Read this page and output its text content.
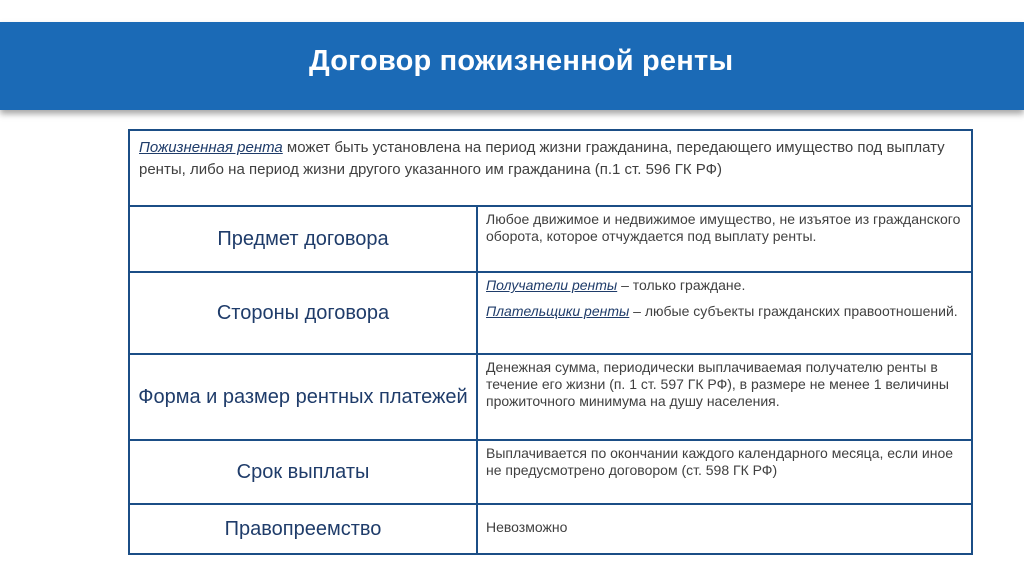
Договор пожизненной ренты
Пожизненная рента может быть установлена на период жизни гражданина, передающего имущество под выплату ренты, либо на период жизни другого указанного им гражданина (п.1 ст. 596 ГК РФ)
Предмет договора

Любое движимое и недвижимое имущество, не изъятое из гражданского оборота, которое отчуждается под выплату ренты.

Стороны договора

Получатели ренты – только граждане.

Плательщики ренты – любые субъекты гражданских правоотношений.

Форма и размер рентных платежей

Денежная сумма, периодически выплачиваемая получателю ренты в течение его жизни (п. 1 ст. 597 ГК РФ), в размере не менее 1 величины прожиточного минимума на душу населения.

Срок выплаты

Выплачивается по окончании каждого календарного месяца, если иное не предусмотрено договором (ст. 598 ГК РФ)

Правопреемство	Невозможно
